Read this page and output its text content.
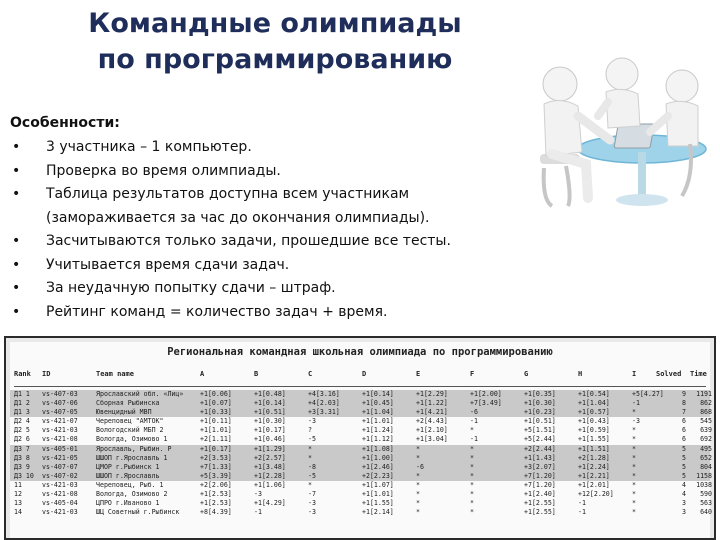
Командные олимпиады
по программированию
Особенности:
• 3 участника – 1 компьютер.
• Проверка во время олимпиады.
• Таблица результатов доступна всем участникам
(замораживается за час до окончания олимпиады).
• Засчитываются только задачи, прошедшие все тесты.
• Учитывается время сдачи задач.
• За неудачную попытку сдачи – штраф.
• Рейтинг команд = количество задач + время.
Региональная командная школьная олимпиада по программированию
Rank	ID	Team name	A	B	C	D	E	F	G	H	I	Solved Time
Д1 1	vs-407-03	Ярославский обл. «Лиц»	+1[0.06]	+1[0.48]	+4[3.16]	+1[0.14]	+1[2.29]	+1[2.00]	+1[0.35]	+1[0.54]	+5[4.27]	9	1191
Д1 2	vs-407-06	Сборная Рыбинска	+1[0.07]	+1[0.14]	+4[2.03]	+1[0.45]	+1[1.22]	+7[3.49]	+1[0.30]	+1[1.04]	-1	8	862
Д1 3	vs-407-05	Ювенцидный МВП	+1[0.33]	+1[0.51]	+3[3.31]	+1[1.04]	+1[4.21]	-6	+1[0.23]	+1[0.57]	*	7	868
Д2 4	vs-421-07	Череповец "АМТОК"	+1[0.11]	+1[0.30]	-3	+1[1.01]	+2[4.43]	-1	+1[0.51]	+1[0.43]	-3	6	545
Д2 5	vs-421-03	Вологодский МБП 2	+1[1.01]	+1[0.17]	?	+1[1.24]	+1[2.10]	*	+5[1.51]	+1[0.59]	*	6	639
Д2 6	vs-421-08	Вологда, Озимово 1	+2[1.11]	+1[0.46]	-5	+1[1.12]	+1[3.04]	-1	+5[2.44]	+1[1.55]	*	6	692
Д3 7	vs-405-01	Ярославль, Рыбин. Р	+1[0.17]	+1[1.29]	*	+1[1.08]	*	*	+2[2.44]	+1[1.51]	*	5	495
Д3 8	vs-421-05	ШШОП г.Ярославль 1	+2[3.53]	+2[2.57]	*	+1[1.00]	*	*	+1[1.43]	+2[1.28]	*	5	652
Д3 9	vs-407-07	ЦМОР г.Рыбинск 1	+7[1.33]	+1[3.48]	-8	+1[2.46]	-6	*	+3[2.07]	+1[2.24]	*	5	804
Д3 10	vs-407-02	ШШОП г.Ярославль	+5[3.39]	+1[2.28]	-5	+2[2.23]	*	*	+7[1.20]	+1[2.21]	*	5	1158
11	vs-421-03	Череповец, Рыб. 1	+2[2.06]	+1[1.06]	*	+1[1.07]	*	*	+7[1.20]	+1[2.01]	*	4	1038
12	vs-421-08	Вологда, Озимово 2	+1[2.53]	-3	-7	+1[1.01]	*	*	+1[2.40]	+12[2.20]	*	4	590
13	vs-405-04	ЦПРО г.Иваново 1	+1[2.53]	+1[4.29]	-3	+1[1.55]	*	*	+1[2.55]	-1	*	3	563
14	vs-421-03	ШЦ Советный г.Рыбинск	+8[4.39]	-1	-3	+1[2.14]	*	*	+1[2.55]	-1	*	3	640
